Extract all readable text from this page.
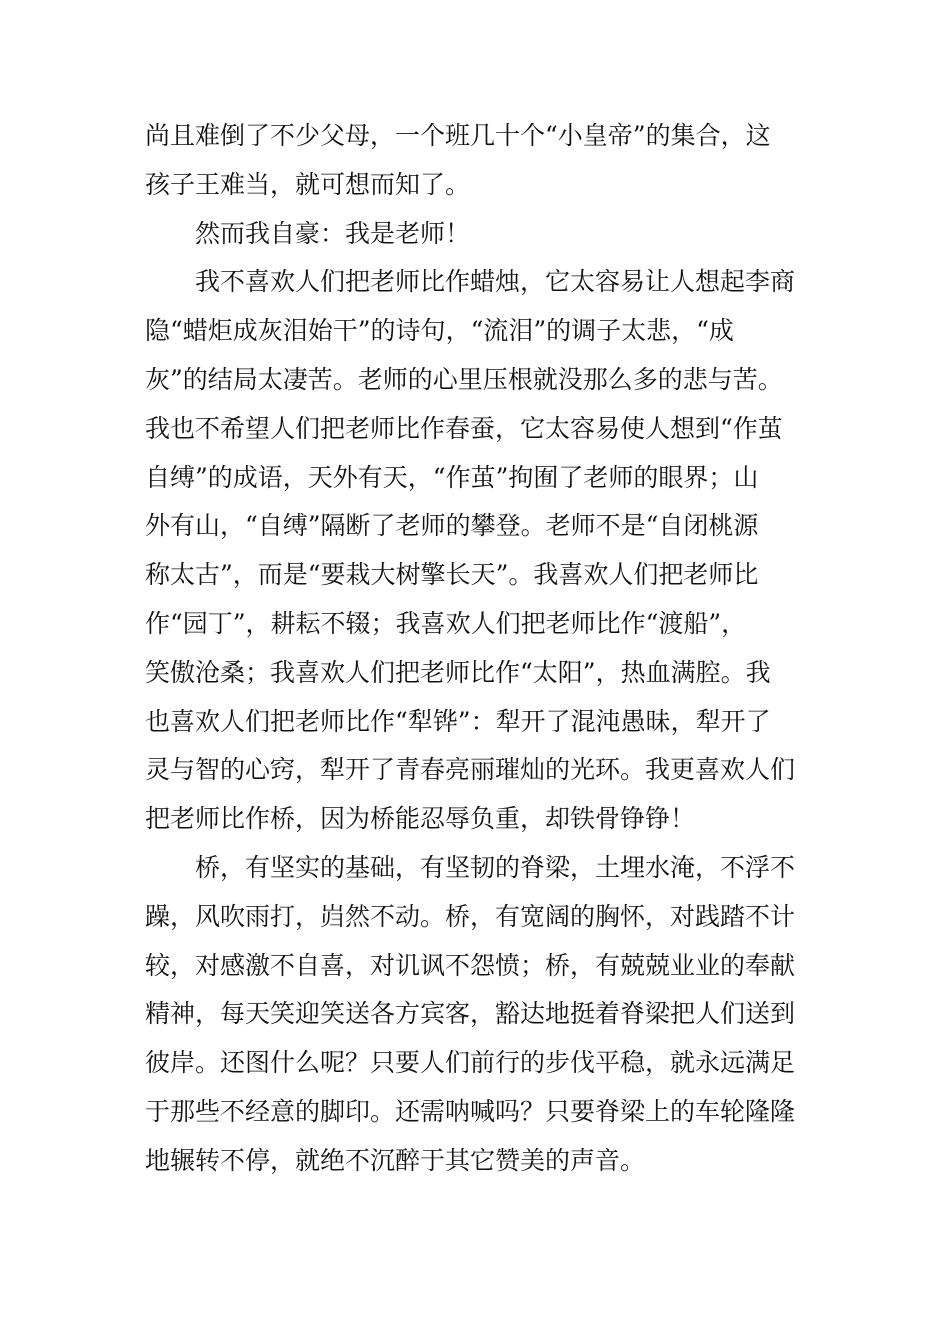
尚且难倒了不少父母，一个班几十个“小皇帝”的集合，这
孩子王难当，就可想而知了。
然而我自豪：我是老师！
我不喜欢人们把老师比作蜡烛，它太容易让人想起李商
隐“蜡炬成灰泪始干”的诗句，“流泪”的调子太悲，“成
灰”的结局太凄苦。老师的心里压根就没那么多的悲与苦。
我也不希望人们把老师比作春蚕，它太容易使人想到“作茧
自缚”的成语，天外有天，“作茧”拘囿了老师的眼界；山
外有山，“自缚”隔断了老师的攀登。老师不是“自闭桃源
称太古”，而是“要栽大树擎长天”。我喜欢人们把老师比
作“园丁”，耕耘不辍；我喜欢人们把老师比作“渡船”，
笑傲沧桑；我喜欢人们把老师比作“太阳”，热血满腔。我
也喜欢人们把老师比作“犁铧”：犁开了混沌愚昧，犁开了
灵与智的心窍，犁开了青春亮丽璀灿的光环。我更喜欢人们
把老师比作桥，因为桥能忍辱负重，却铁骨铮铮！
桥，有坚实的基础，有坚韧的脊梁，土埋水淹，不浮不
躁，风吹雨打，岿然不动。桥，有宽阔的胸怀，对践踏不计
较，对感激不自喜，对讥讽不怨愤；桥，有兢兢业业的奉献
精神，每天笑迎笑送各方宾客，豁达地挺着脊梁把人们送到
彼岸。还图什么呢？只要人们前行的步伐平稳，就永远满足
于那些不经意的脚印。还需呐喊吗？只要脊梁上的车轮隆隆
地辗转不停，就绝不沉醉于其它赞美的声音。
